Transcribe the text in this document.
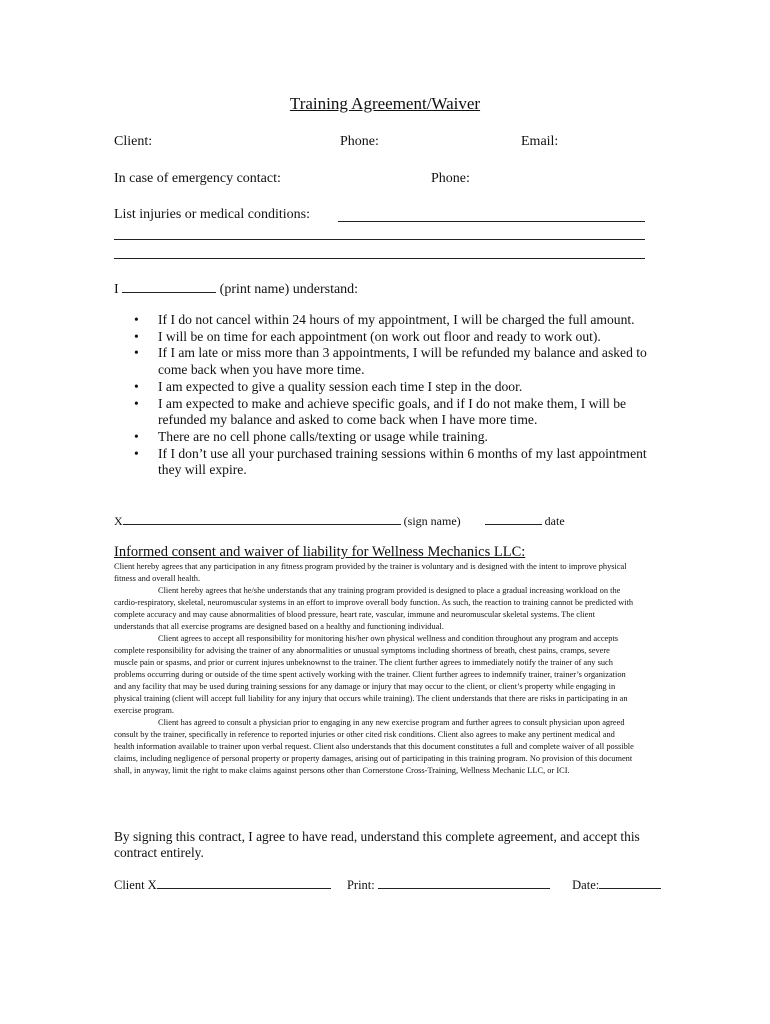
Training Agreement/Waiver
Client:	Phone:	Email:
In case of emergency contact:	Phone:
List injuries or medical conditions:
I	(print name) understand:
• If I do not cancel within 24 hours of my appointment, I will be charged the full amount.
• I will be on time for each appointment (on work out floor and ready to work out).
• If I am late or miss more than 3 appointments, I will be refunded my balance and asked to come back when you have more time.
• I am expected to give a quality session each time I step in the door.
• I am expected to make and achieve specific goals, and if I do not make them, I will be refunded my balance and asked to come back when I have more time.
• There are no cell phone calls/texting or usage while training.
• If I don’t use all your purchased training sessions within 6 months of my last appointment they will expire.
X	(sign name)	date
Informed consent and waiver of liability for Wellness Mechanics LLC:

Client hereby agrees that any participation in any fitness program provided by the trainer is voluntary and is designed with the intent to improve physical fitness and overall health.

Client hereby agrees that he/she understands that any training program provided is designed to place a gradual increasing workload on the cardio-respiratory, skeletal, neuromuscular systems in an effort to improve overall body function. As such, the reaction to training cannot be predicted with complete accuracy and may cause abnormalities of blood pressure, heart rate, vascular, immune and neuromuscular skeletal systems. The client understands that all exercise programs are designed based on a healthy and functioning individual.

Client agrees to accept all responsibility for monitoring his/her own physical wellness and condition throughout any program and accepts complete responsibility for advising the trainer of any abnormalities or unusual symptoms including shortness of breath, chest pains, cramps, severe muscle pain or spasms, and prior or current injures unbeknownst to the trainer. The client further agrees to immediately notify the trainer of any such problems occurring during or outside of the time spent actively working with the trainer. Client further agrees to indemnify trainer, trainer’s organization and any facility that may be used during training sessions for any damage or injury that may occur to the client, or client’s property while engaging in physical training (client will accept full liability for any injury that occurs while training). The client understands that there are risks in participating in an exercise program.

Client has agreed to consult a physician prior to engaging in any new exercise program and further agrees to consult physician upon agreed consult by the trainer, specifically in reference to reported injuries or other cited risk conditions. Client also agrees to make any pertinent medical and health information available to trainer upon verbal request. Client also understands that this document constitutes a full and complete waiver of all possible claims, including negligence of personal property or property damages, arising out of participating in this training program. No provision of this document shall, in anyway, limit the right to make claims against persons other than Cornerstone Cross-Training, Wellness Mechanic LLC, or ICI.

By signing this contract, I agree to have read, understand this complete agreement, and accept this contract entirely.
Client X	Print:	Date:
